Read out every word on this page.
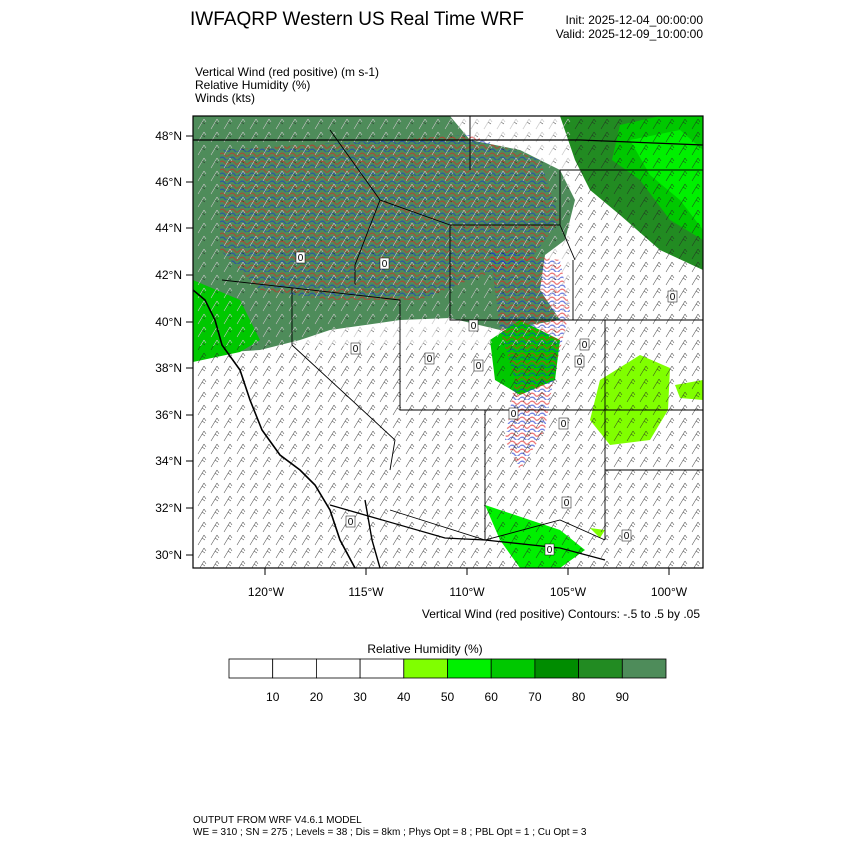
IWFAQRP Western US Real Time WRF	Init: 2025-12-04_00:00:00
Valid: 2025-12-09_10:00:00
Vertical Wind (red positive) (m s-1)
Relative Humidity (%)
Winds (kts)
48°N
46°N
44°N
42°N
40°N
38°N
36°N
34°N
32°N
30°N
120°W	115°W	110°W	105°W	100°W
0
0
0
0
0
0
0
0
0
0
0
0
0
0
0
10	20	30	40	50	60	70	80	90
Vertical Wind (red positive) Contours: -.5 to .5 by .05
Relative Humidity (%)
OUTPUT FROM WRF V4.6.1 MODEL
WE = 310 ; SN = 275 ; Levels = 38 ; Dis = 8km ; Phys Opt = 8 ; PBL Opt = 1 ; Cu Opt = 3
